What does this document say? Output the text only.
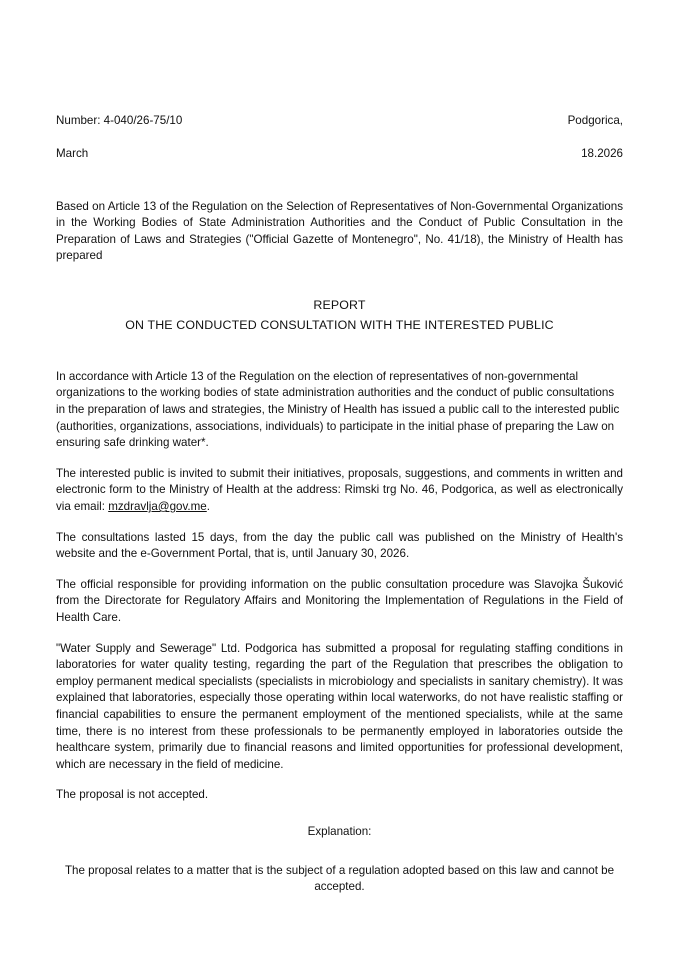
Number: 4-040/26-75/10

March

Podgorica,

18.2026

Based on Article 13 of the Regulation on the Selection of Representatives of Non-Governmental Organizations in the Working Bodies of State Administration Authorities and the Conduct of Public Consultation in the Preparation of Laws and Strategies ("Official Gazette of Montenegro", No. 41/18), the Ministry of Health has prepared

REPORT
ON THE CONDUCTED CONSULTATION WITH THE INTERESTED PUBLIC

In accordance with Article 13 of the Regulation on the election of representatives of non-governmental organizations to the working bodies of state administration authorities and the conduct of public consultations in the preparation of laws and strategies, the Ministry of Health has issued a public call to the interested public (authorities, organizations, associations, individuals) to participate in the initial phase of preparing the Law on ensuring safe drinking water*.

The interested public is invited to submit their initiatives, proposals, suggestions, and comments in written and electronic form to the Ministry of Health at the address: Rimski trg No. 46, Podgorica, as well as electronically via email: mzdravlja@gov.me.

The consultations lasted 15 days, from the day the public call was published on the Ministry of Health's website and the e-Government Portal, that is, until January 30, 2026.

The official responsible for providing information on the public consultation procedure was Slavojka Šuković from the Directorate for Regulatory Affairs and Monitoring the Implementation of Regulations in the Field of Health Care.

"Water Supply and Sewerage" Ltd. Podgorica has submitted a proposal for regulating staffing conditions in laboratories for water quality testing, regarding the part of the Regulation that prescribes the obligation to employ permanent medical specialists (specialists in microbiology and specialists in sanitary chemistry). It was explained that laboratories, especially those operating within local waterworks, do not have realistic staffing or financial capabilities to ensure the permanent employment of the mentioned specialists, while at the same time, there is no interest from these professionals to be permanently employed in laboratories outside the healthcare system, primarily due to financial reasons and limited opportunities for professional development, which are necessary in the field of medicine.

The proposal is not accepted.

Explanation:

The proposal relates to a matter that is the subject of a regulation adopted based on this law and cannot be accepted.
